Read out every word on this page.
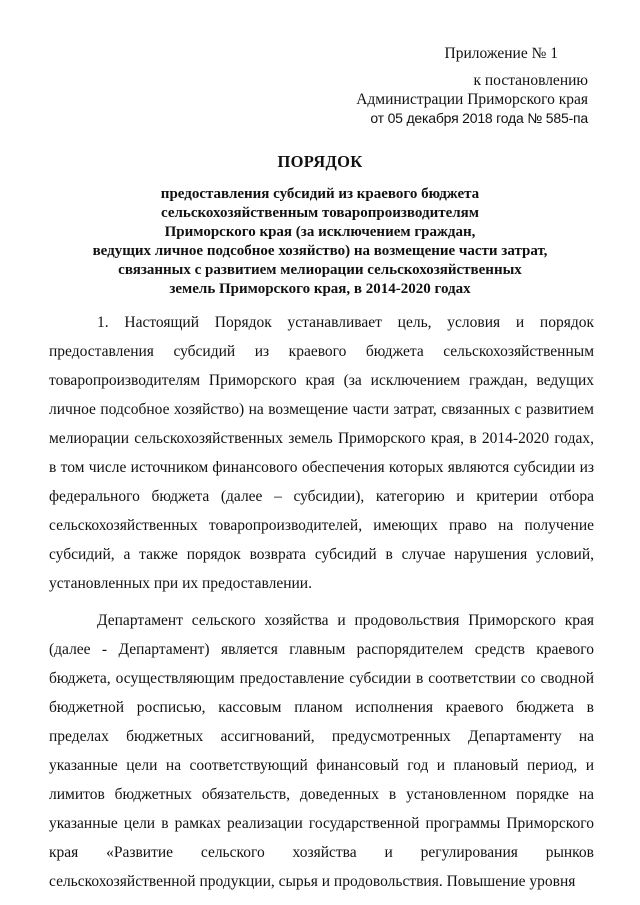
Приложение № 1
к постановлению
Администрации Приморского края
от 05 декабря 2018 года № 585-па
ПОРЯДОК
предоставления субсидий из краевого бюджета
сельскохозяйственным товаропроизводителям
Приморского края (за исключением граждан,
ведущих личное подсобное хозяйство) на возмещение части затрат,
связанных с развитием мелиорации сельскохозяйственных
земель Приморского края, в 2014-2020 годах

1. Настоящий Порядок устанавливает цель, условия и порядок предоставления субсидий из краевого бюджета сельскохозяйственным товаропроизводителям Приморского края (за исключением граждан, ведущих личное подсобное хозяйство) на возмещение части затрат, связанных с развитием мелиорации сельскохозяйственных земель Приморского края, в 2014-2020 годах, в том числе источником финансового обеспечения которых являются субсидии из федерального бюджета (далее – субсидии), категорию и критерии отбора сельскохозяйственных товаропроизводителей, имеющих право на получение субсидий, а также порядок возврата субсидий в случае нарушения условий, установленных при их предоставлении.

Департамент сельского хозяйства и продовольствия Приморского края (далее - Департамент) является главным распорядителем средств краевого бюджета, осуществляющим предоставление субсидии в соответствии со сводной бюджетной росписью, кассовым планом исполнения краевого бюджета в пределах бюджетных ассигнований, предусмотренных Департаменту на указанные цели на соответствующий финансовый год и плановый период, и лимитов бюджетных обязательств, доведенных в установленном порядке на указанные цели в рамках реализации государственной программы Приморского края «Развитие сельского хозяйства и регулирования рынков сельскохозяйственной продукции, сырья и продовольствия. Повышение уровня
